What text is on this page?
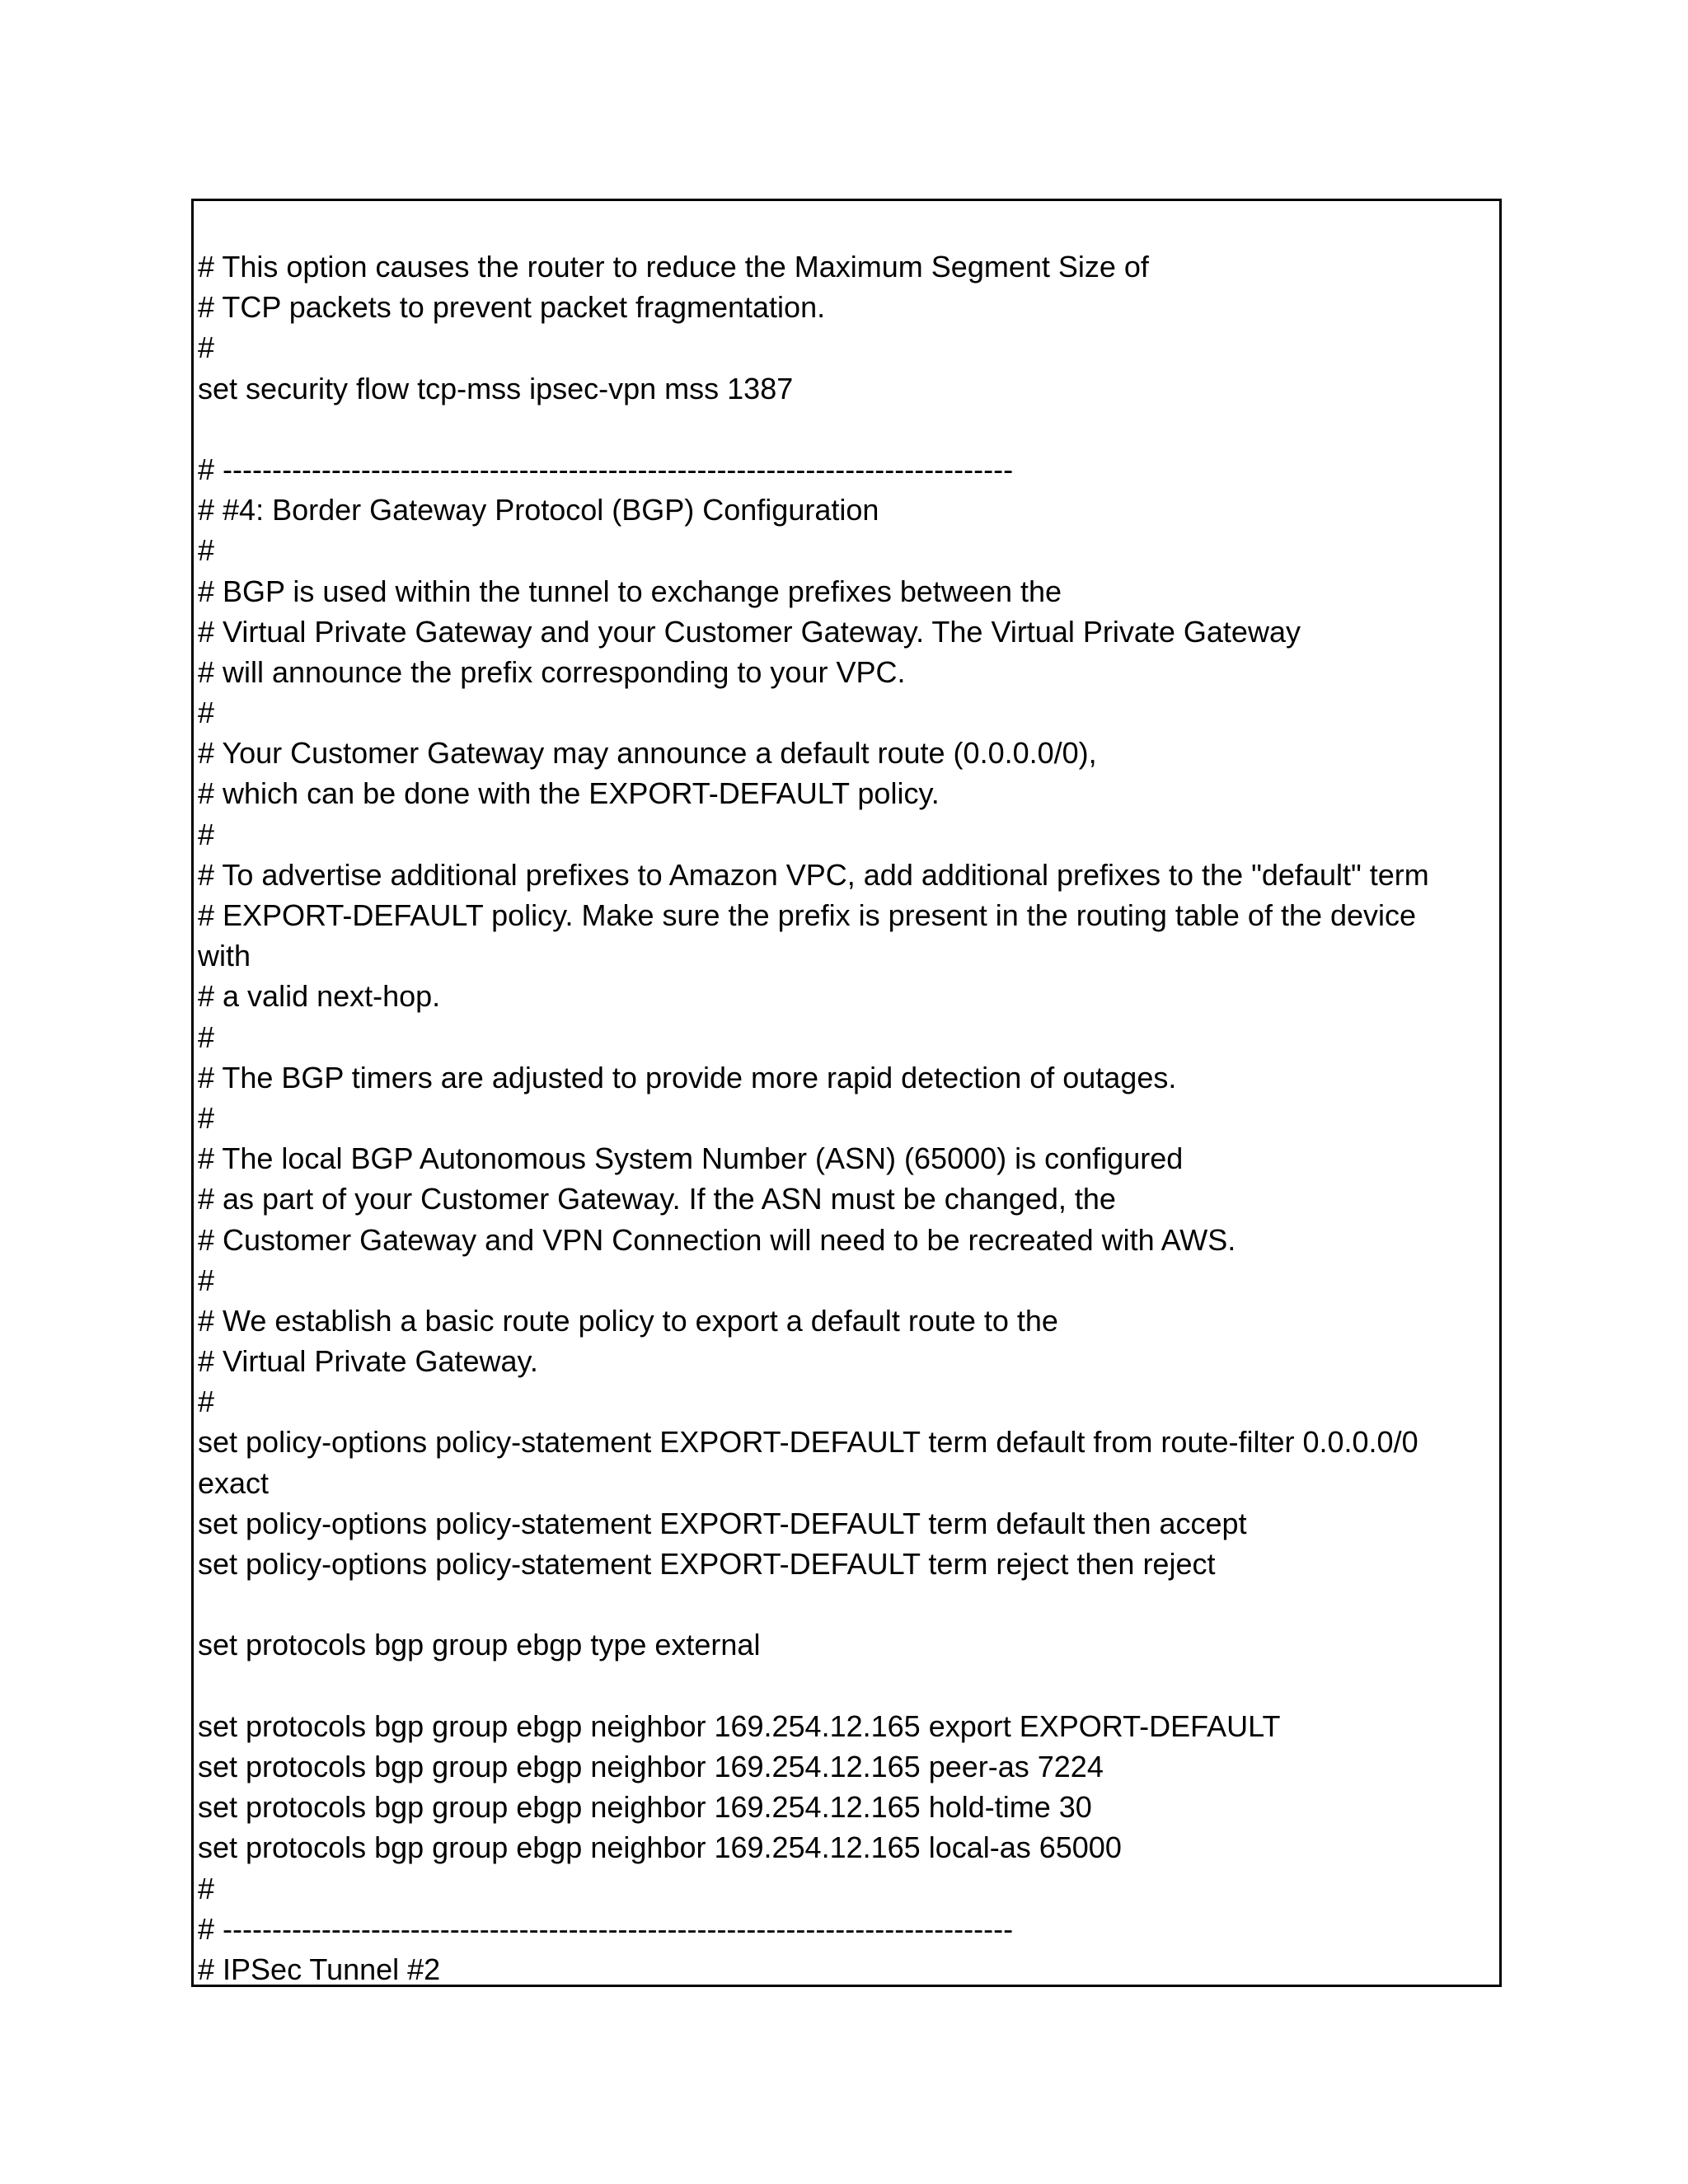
# This option causes the router to reduce the Maximum Segment Size of
# TCP packets to prevent packet fragmentation.
#
set security flow tcp-mss ipsec-vpn mss 1387
# --------------------------------------------------------------------------------
# #4: Border Gateway Protocol (BGP) Configuration
#
# BGP is used within the tunnel to exchange prefixes between the
# Virtual Private Gateway and your Customer Gateway. The Virtual Private Gateway
# will announce the prefix corresponding to your VPC.
#
# Your Customer Gateway may announce a default route (0.0.0.0/0),
# which can be done with the EXPORT-DEFAULT policy.
#
# To advertise additional prefixes to Amazon VPC, add additional prefixes to the "default" term
# EXPORT-DEFAULT policy. Make sure the prefix is present in the routing table of the device
with
# a valid next-hop.
#
# The BGP timers are adjusted to provide more rapid detection of outages.
#
# The local BGP Autonomous System Number (ASN) (65000) is configured
# as part of your Customer Gateway. If the ASN must be changed, the
# Customer Gateway and VPN Connection will need to be recreated with AWS.
#
# We establish a basic route policy to export a default route to the
# Virtual Private Gateway.
#
set policy-options policy-statement EXPORT-DEFAULT term default from route-filter 0.0.0.0/0
exact
set policy-options policy-statement EXPORT-DEFAULT term default then accept
set policy-options policy-statement EXPORT-DEFAULT term reject then reject
set protocols bgp group ebgp type external
set protocols bgp group ebgp neighbor 169.254.12.165 export EXPORT-DEFAULT
set protocols bgp group ebgp neighbor 169.254.12.165 peer-as 7224
set protocols bgp group ebgp neighbor 169.254.12.165 hold-time 30
set protocols bgp group ebgp neighbor 169.254.12.165 local-as 65000
#
# --------------------------------------------------------------------------------
# IPSec Tunnel #2
